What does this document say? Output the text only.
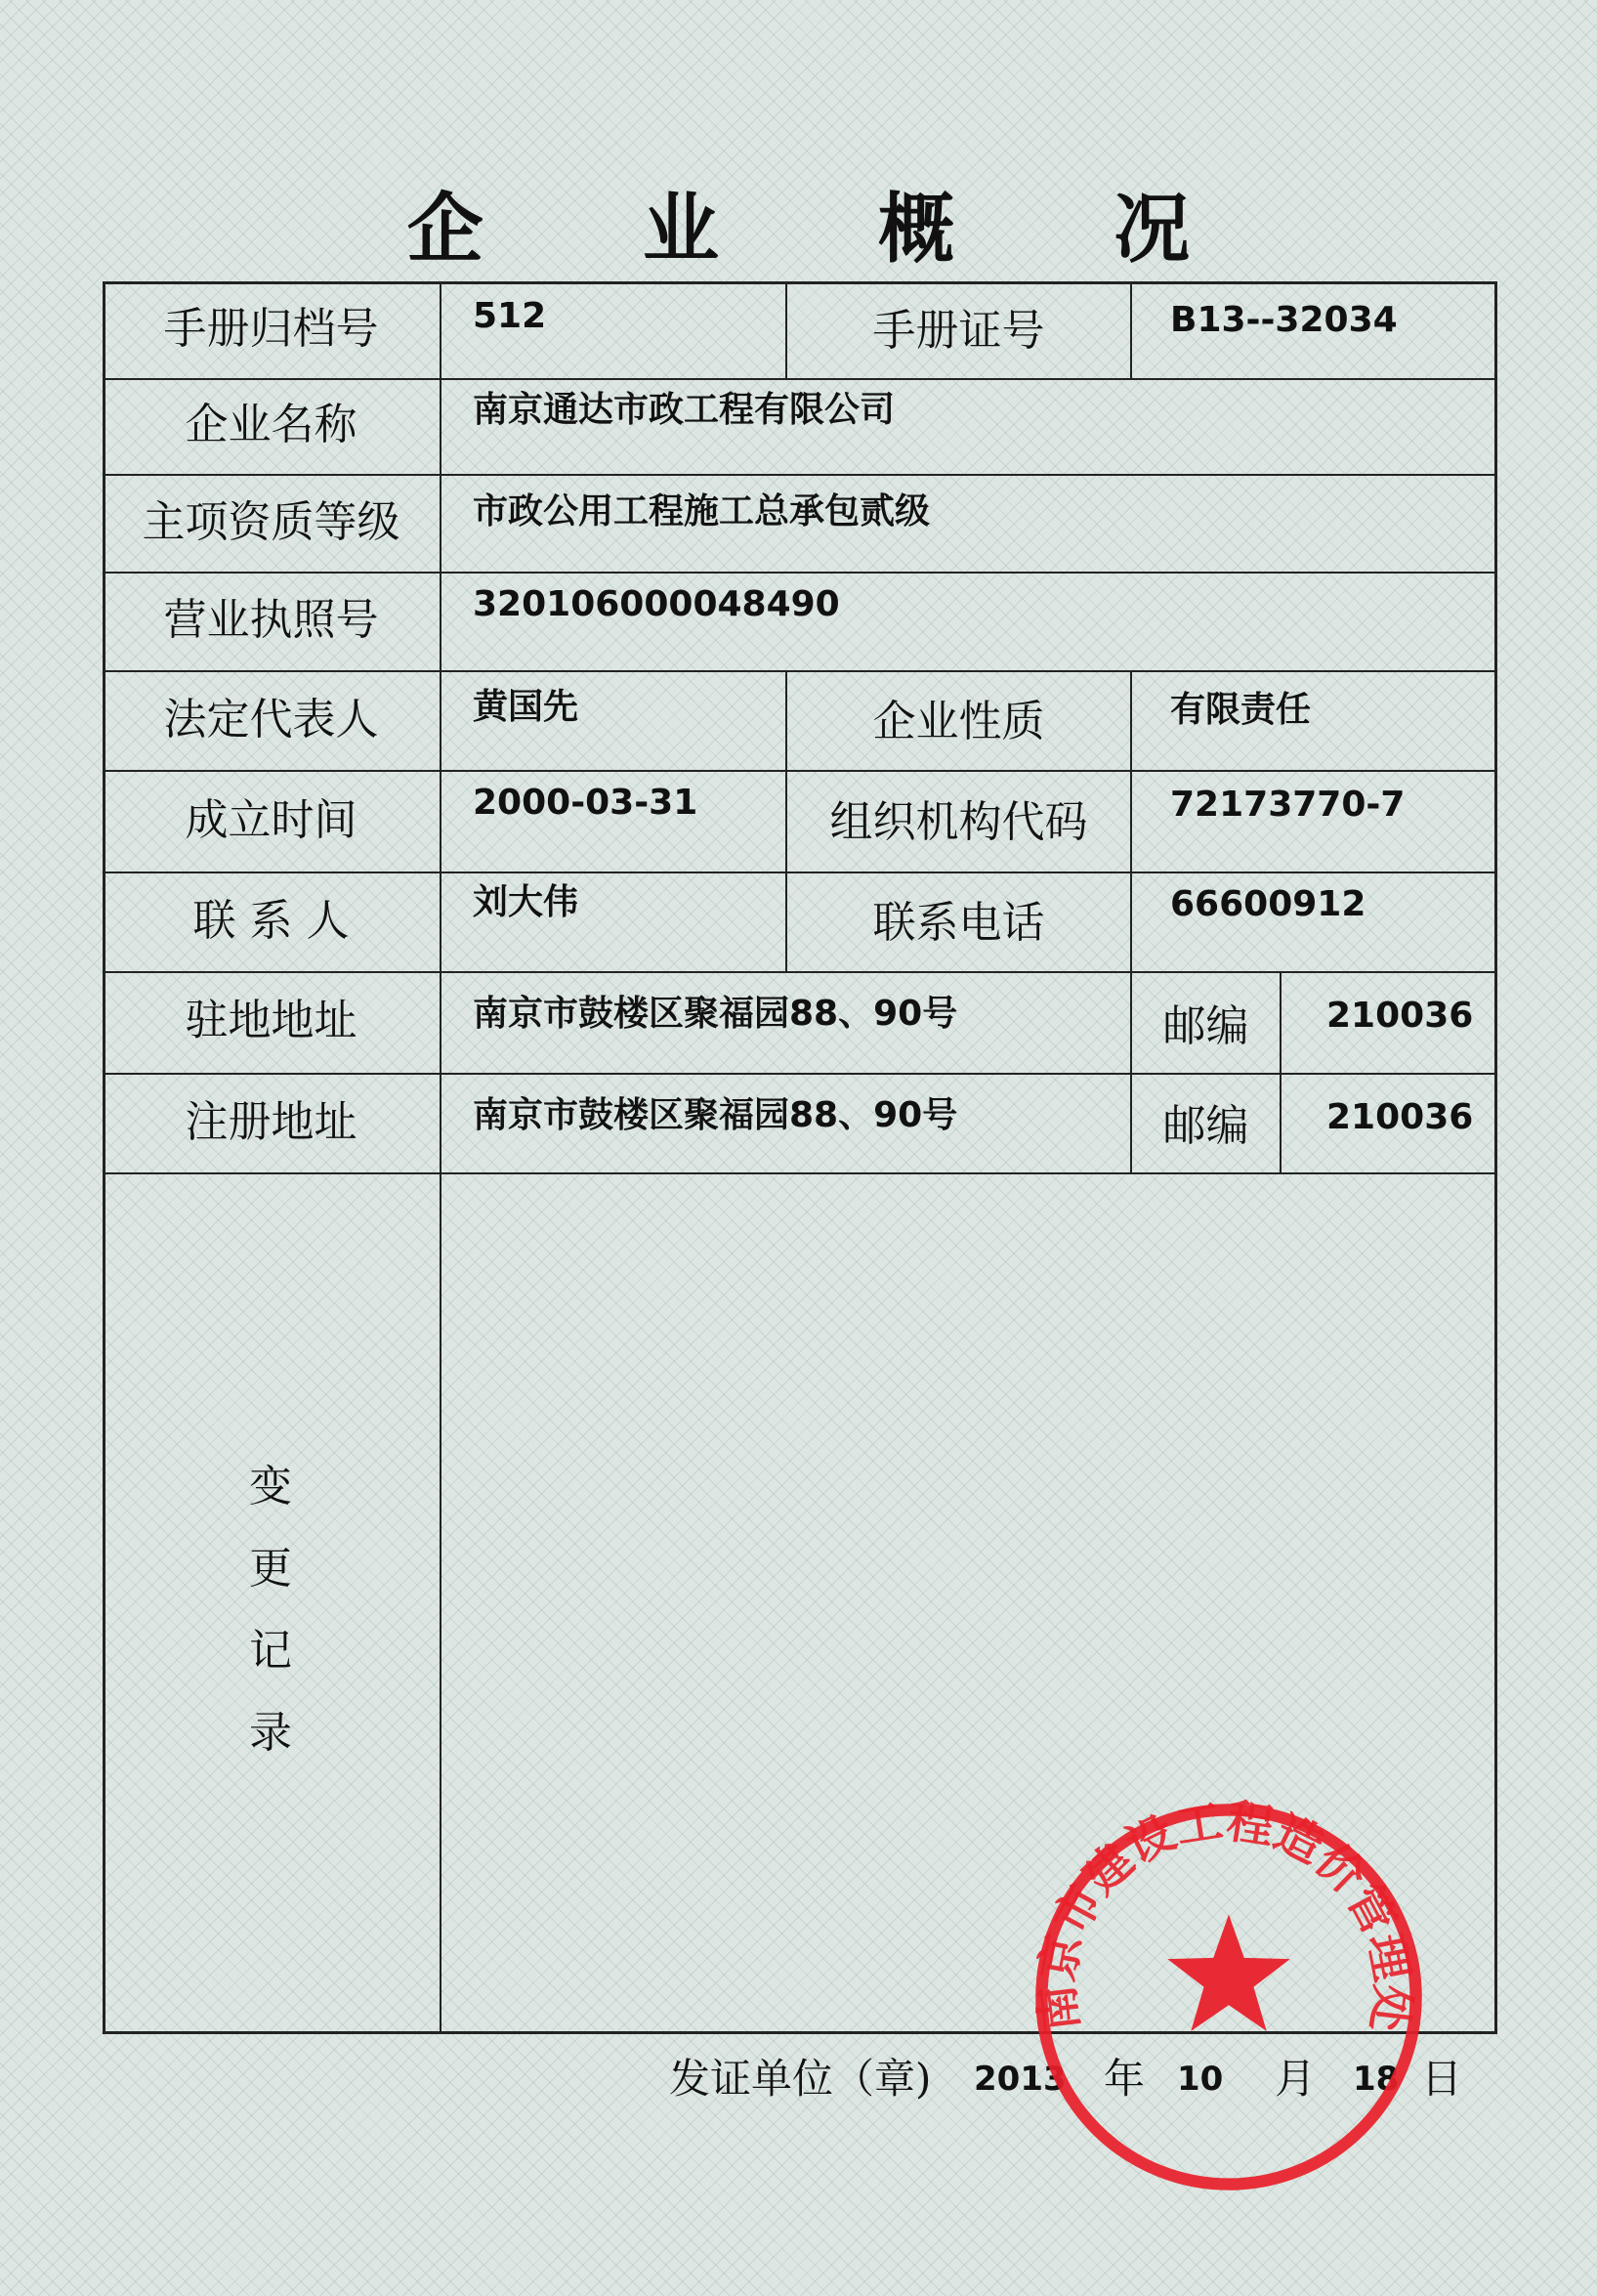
企 业 概 况
手册归档号	512	手册证号	B13--32034
企业名称	南京通达市政工程有限公司
主项资质等级	市政公用工程施工总承包贰级
营业执照号	320106000048490
法定代表人	黄国先	企业性质	有限责任
成立时间	2000-03-31	组织机构代码	72173770-7
联 系 人	刘大伟	联系电话	66600912
驻地地址	南京市鼓楼区聚福园88、90号	邮编	210036
注册地址	南京市鼓楼区聚福园88、90号	邮编	210036
变
更
记
录
发证单位（章) 2013 年 10 月 18 日
南京市建设工程造价管理处
